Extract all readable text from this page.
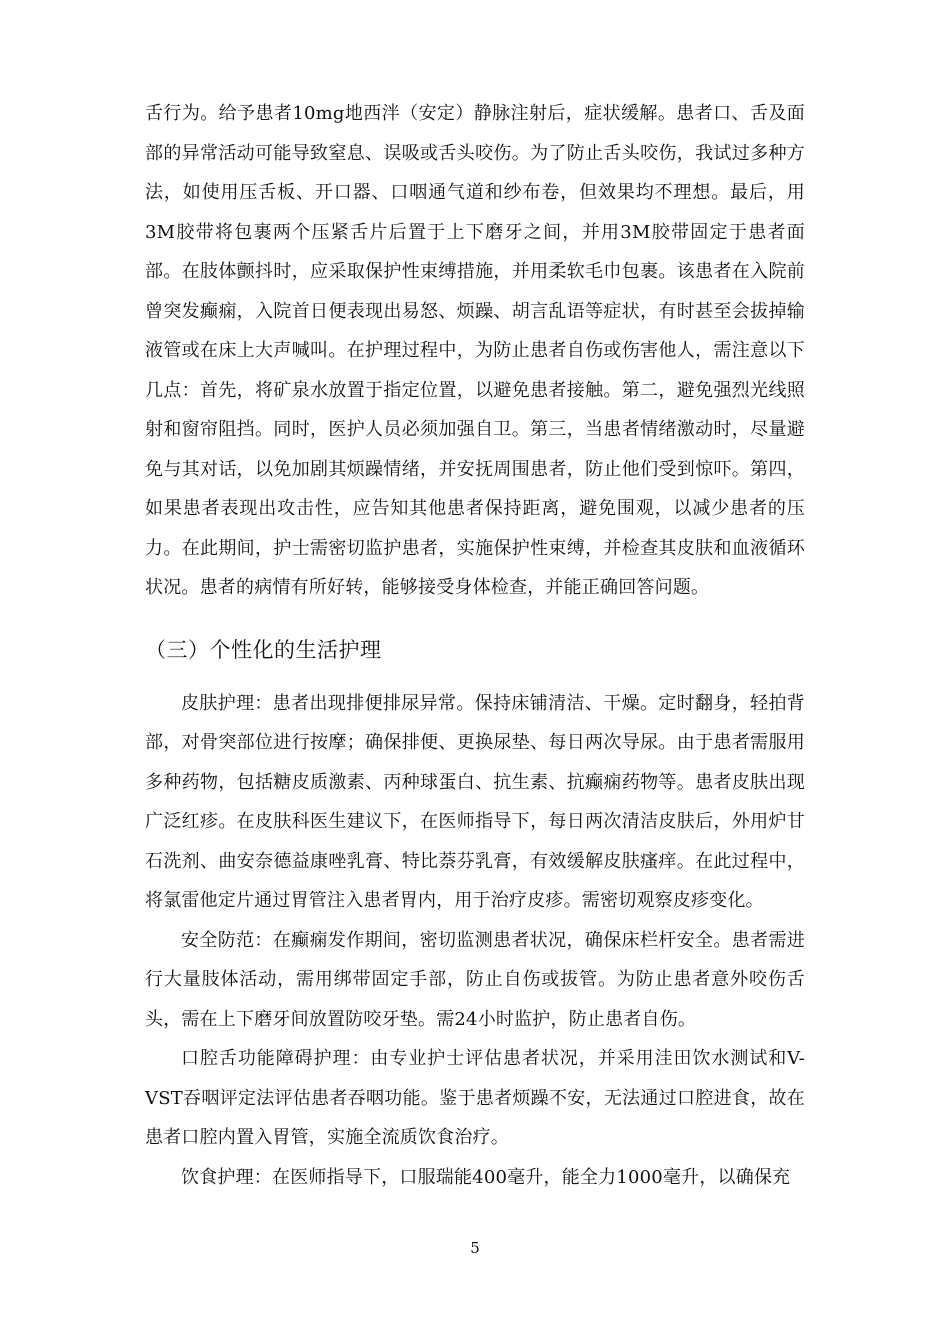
舌行为。给予患者10mg地西泮（安定）静脉注射后，症状缓解。患者口、舌及面部的异常活动可能导致窒息、误吸或舌头咬伤。为了防止舌头咬伤，我试过多种方法，如使用压舌板、开口器、口咽通气道和纱布卷，但效果均不理想。最后，用3M胶带将包裹两个压紧舌片后置于上下磨牙之间，并用3M胶带固定于患者面部。在肢体颤抖时，应采取保护性束缚措施，并用柔软毛巾包裹。该患者在入院前曾突发癫痫，入院首日便表现出易怒、烦躁、胡言乱语等症状，有时甚至会拔掉输液管或在床上大声喊叫。在护理过程中，为防止患者自伤或伤害他人，需注意以下几点：首先，将矿泉水放置于指定位置，以避免患者接触。第二，避免强烈光线照射和窗帘阻挡。同时，医护人员必须加强自卫。第三，当患者情绪激动时，尽量避免与其对话，以免加剧其烦躁情绪，并安抚周围患者，防止他们受到惊吓。第四，如果患者表现出攻击性，应告知其他患者保持距离，避免围观，以减少患者的压力。在此期间，护士需密切监护患者，实施保护性束缚，并检查其皮肤和血液循环状况。患者的病情有所好转，能够接受身体检查，并能正确回答问题。

（三）个性化的生活护理

皮肤护理：患者出现排便排尿异常。保持床铺清洁、干燥。定时翻身，轻拍背部，对骨突部位进行按摩；确保排便、更换尿垫、每日两次导尿。由于患者需服用多种药物，包括糖皮质激素、丙种球蛋白、抗生素、抗癫痫药物等。患者皮肤出现广泛红疹。在皮肤科医生建议下，在医师指导下，每日两次清洁皮肤后，外用炉甘石洗剂、曲安奈德益康唑乳膏、特比萘芬乳膏，有效缓解皮肤瘙痒。在此过程中，将氯雷他定片通过胃管注入患者胃内，用于治疗皮疹。需密切观察皮疹变化。

安全防范：在癫痫发作期间，密切监测患者状况，确保床栏杆安全。患者需进行大量肢体活动，需用绑带固定手部，防止自伤或拔管。为防止患者意外咬伤舌头，需在上下磨牙间放置防咬牙垫。需24小时监护，防止患者自伤。

口腔舌功能障碍护理：由专业护士评估患者状况，并采用洼田饮水测试和V-VST吞咽评定法评估患者吞咽功能。鉴于患者烦躁不安，无法通过口腔进食，故在患者口腔内置入胃管，实施全流质饮食治疗。

饮食护理：在医师指导下，口服瑞能400毫升，能全力1000毫升，以确保充

5
